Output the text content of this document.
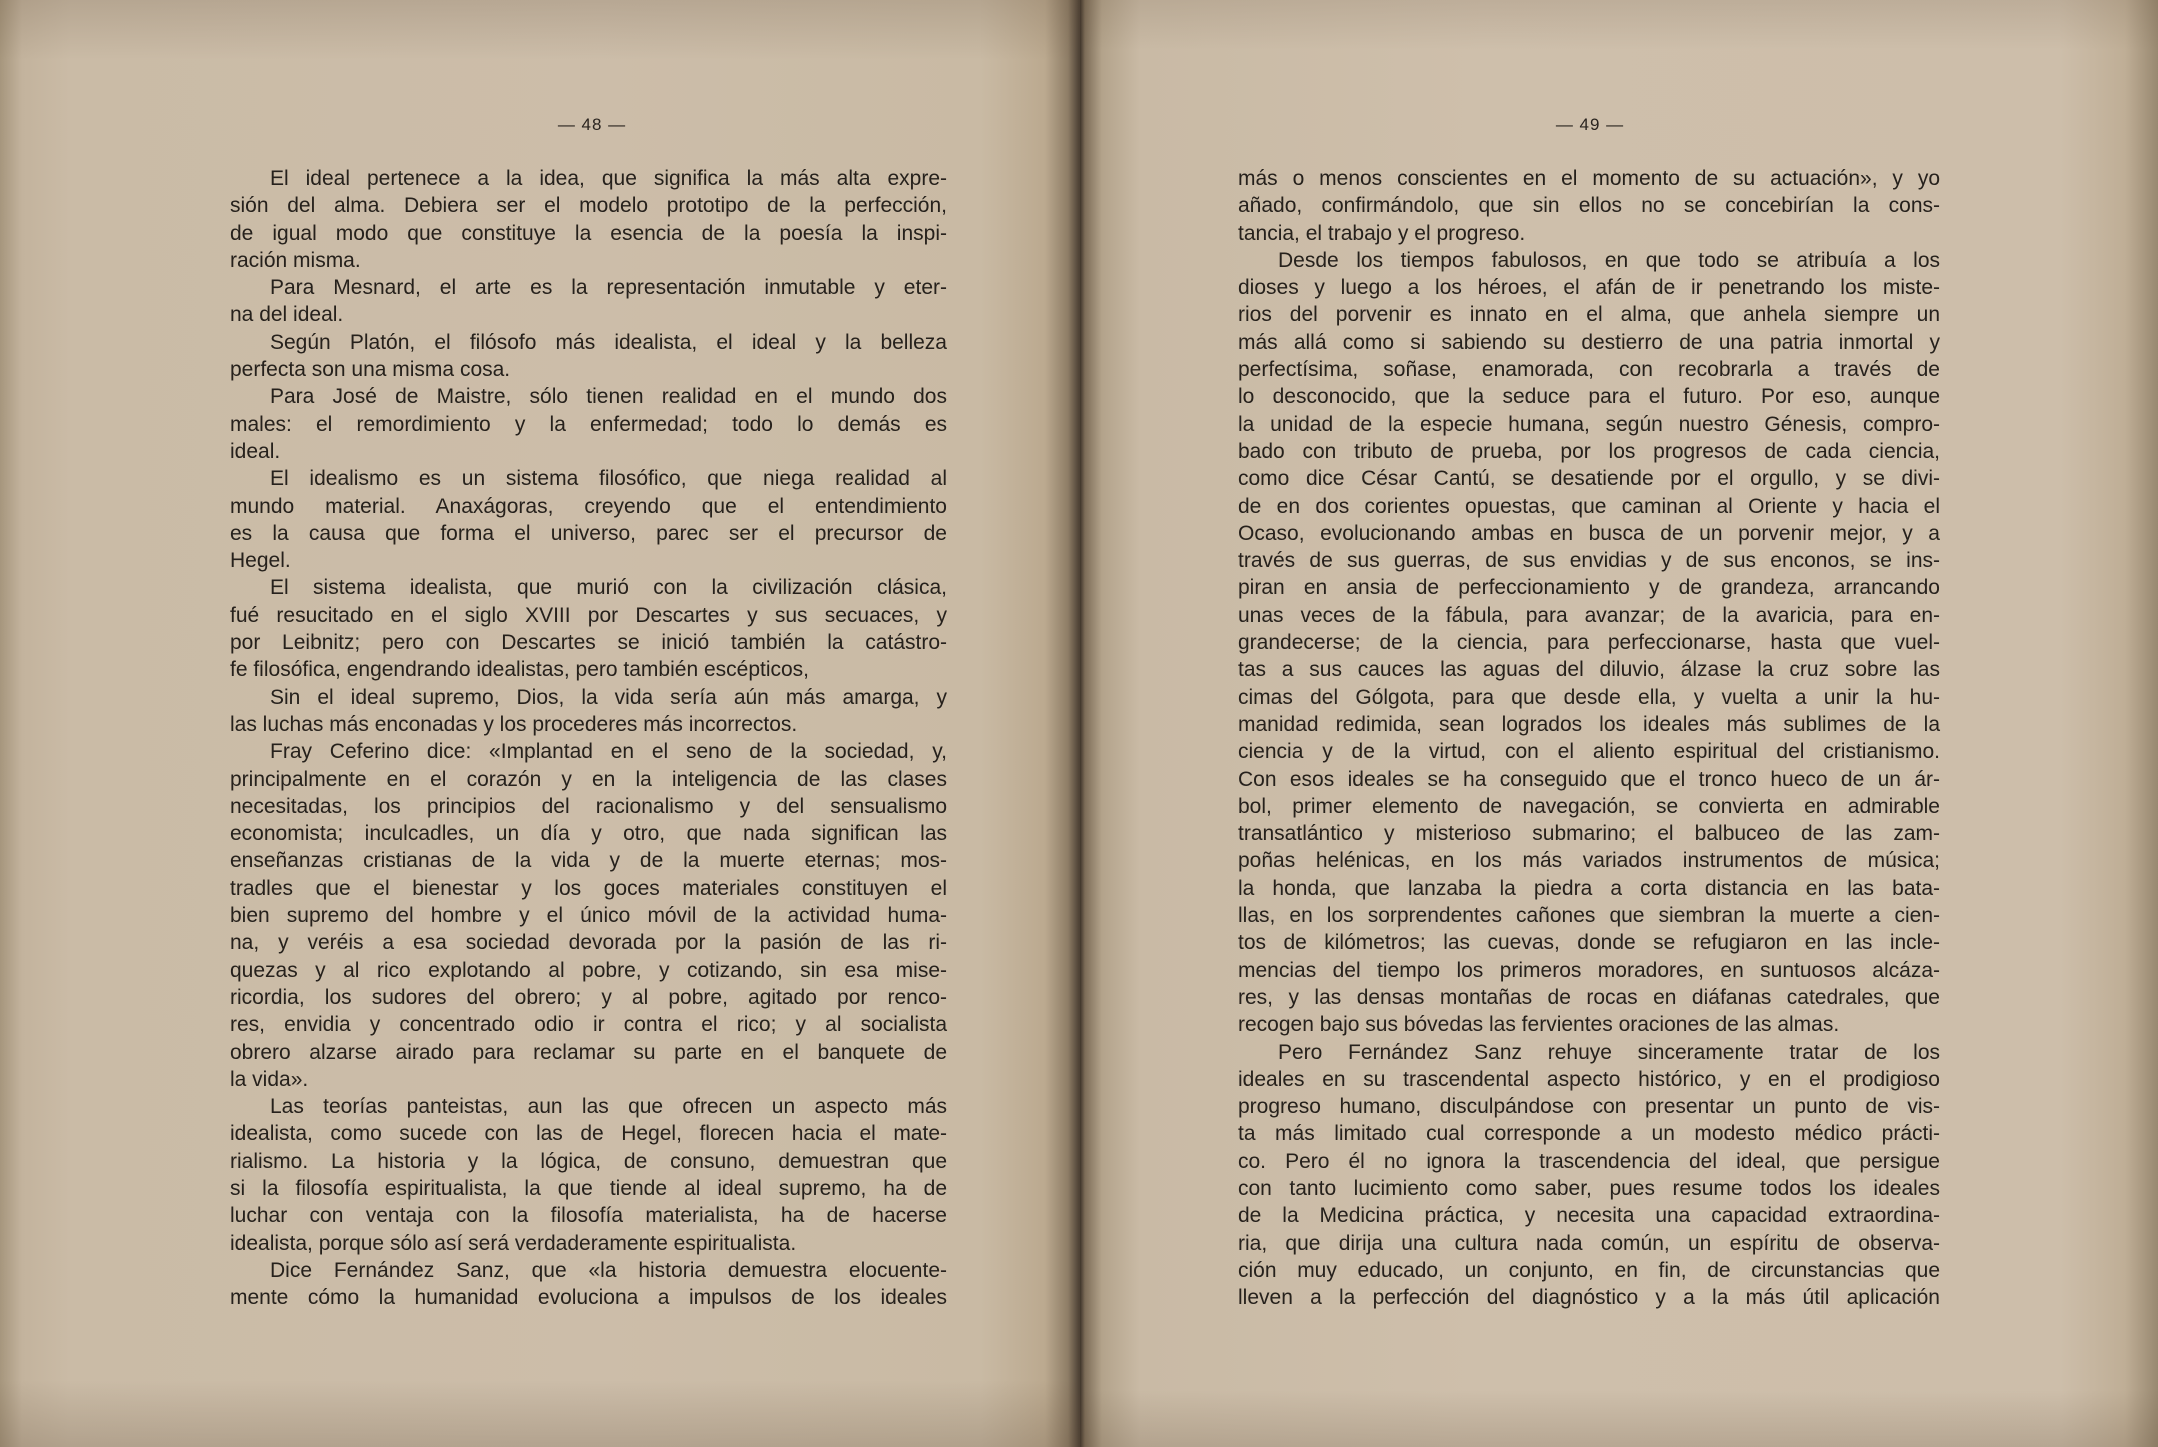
— 48 —
El ideal pertenece a la idea, que significa la más alta expre-
sión del alma. Debiera ser el modelo prototipo de la perfección,
de igual modo que constituye la esencia de la poesía la inspi-
ración misma.
Para Mesnard, el arte es la representación inmutable y eter-
na del ideal.
Según Platón, el filósofo más idealista, el ideal y la belleza
perfecta son una misma cosa.
Para José de Maistre, sólo tienen realidad en el mundo dos
males: el remordimiento y la enfermedad; todo lo demás es
ideal.
El idealismo es un sistema filosófico, que niega realidad al
mundo material. Anaxágoras, creyendo que el entendimiento
es la causa que forma el universo, parec ser el precursor de
Hegel.
El sistema idealista, que murió con la civilización clásica,
fué resucitado en el siglo XVIII por Descartes y sus secuaces, y
por Leibnitz; pero con Descartes se inició también la catástro-
fe filosófica, engendrando idealistas, pero también escépticos,
Sin el ideal supremo, Dios, la vida sería aún más amarga, y
las luchas más enconadas y los procederes más incorrectos.
Fray Ceferino dice: «Implantad en el seno de la sociedad, y,
principalmente en el corazón y en la inteligencia de las clases
necesitadas, los principios del racionalismo y del sensualismo
economista; inculcadles, un día y otro, que nada significan las
enseñanzas cristianas de la vida y de la muerte eternas; mos-
tradles que el bienestar y los goces materiales constituyen el
bien supremo del hombre y el único móvil de la actividad huma-
na, y veréis a esa sociedad devorada por la pasión de las ri-
quezas y al rico explotando al pobre, y cotizando, sin esa mise-
ricordia, los sudores del obrero; y al pobre, agitado por renco-
res, envidia y concentrado odio ir contra el rico; y al socialista
obrero alzarse airado para reclamar su parte en el banquete de
la vida».
Las teorías panteistas, aun las que ofrecen un aspecto más
idealista, como sucede con las de Hegel, florecen hacia el mate-
rialismo. La historia y la lógica, de consuno, demuestran que
si la filosofía espiritualista, la que tiende al ideal supremo, ha de
luchar con ventaja con la filosofía materialista, ha de hacerse
idealista, porque sólo así será verdaderamente espiritualista.
Dice Fernández Sanz, que «la historia demuestra elocuente-
mente cómo la humanidad evoluciona a impulsos de los ideales
— 49 —
más o menos conscientes en el momento de su actuación», y yo
añado, confirmándolo, que sin ellos no se concebirían la cons-
tancia, el trabajo y el progreso.
Desde los tiempos fabulosos, en que todo se atribuía a los
dioses y luego a los héroes, el afán de ir penetrando los miste-
rios del porvenir es innato en el alma, que anhela siempre un
más allá como si sabiendo su destierro de una patria inmortal y
perfectísima, soñase, enamorada, con recobrarla a través de
lo desconocido, que la seduce para el futuro. Por eso, aunque
la unidad de la especie humana, según nuestro Génesis, compro-
bado con tributo de prueba, por los progresos de cada ciencia,
como dice César Cantú, se desatiende por el orgullo, y se divi-
de en dos corientes opuestas, que caminan al Oriente y hacia el
Ocaso, evolucionando ambas en busca de un porvenir mejor, y a
través de sus guerras, de sus envidias y de sus enconos, se ins-
piran en ansia de perfeccionamiento y de grandeza, arrancando
unas veces de la fábula, para avanzar; de la avaricia, para en-
grandecerse; de la ciencia, para perfeccionarse, hasta que vuel-
tas a sus cauces las aguas del diluvio, álzase la cruz sobre las
cimas del Gólgota, para que desde ella, y vuelta a unir la hu-
manidad redimida, sean logrados los ideales más sublimes de la
ciencia y de la virtud, con el aliento espiritual del cristianismo.
Con esos ideales se ha conseguido que el tronco hueco de un ár-
bol, primer elemento de navegación, se convierta en admirable
transatlántico y misterioso submarino; el balbuceo de las zam-
poñas helénicas, en los más variados instrumentos de música;
la honda, que lanzaba la piedra a corta distancia en las bata-
llas, en los sorprendentes cañones que siembran la muerte a cien-
tos de kilómetros; las cuevas, donde se refugiaron en las incle-
mencias del tiempo los primeros moradores, en suntuosos alcáza-
res, y las densas montañas de rocas en diáfanas catedrales, que
recogen bajo sus bóvedas las fervientes oraciones de las almas.
Pero Fernández Sanz rehuye sinceramente tratar de los
ideales en su trascendental aspecto histórico, y en el prodigioso
progreso humano, disculpándose con presentar un punto de vis-
ta más limitado cual corresponde a un modesto médico prácti-
co. Pero él no ignora la trascendencia del ideal, que persigue
con tanto lucimiento como saber, pues resume todos los ideales
de la Medicina práctica, y necesita una capacidad extraordina-
ria, que dirija una cultura nada común, un espíritu de observa-
ción muy educado, un conjunto, en fin, de circunstancias que
lleven a la perfección del diagnóstico y a la más útil aplicación
